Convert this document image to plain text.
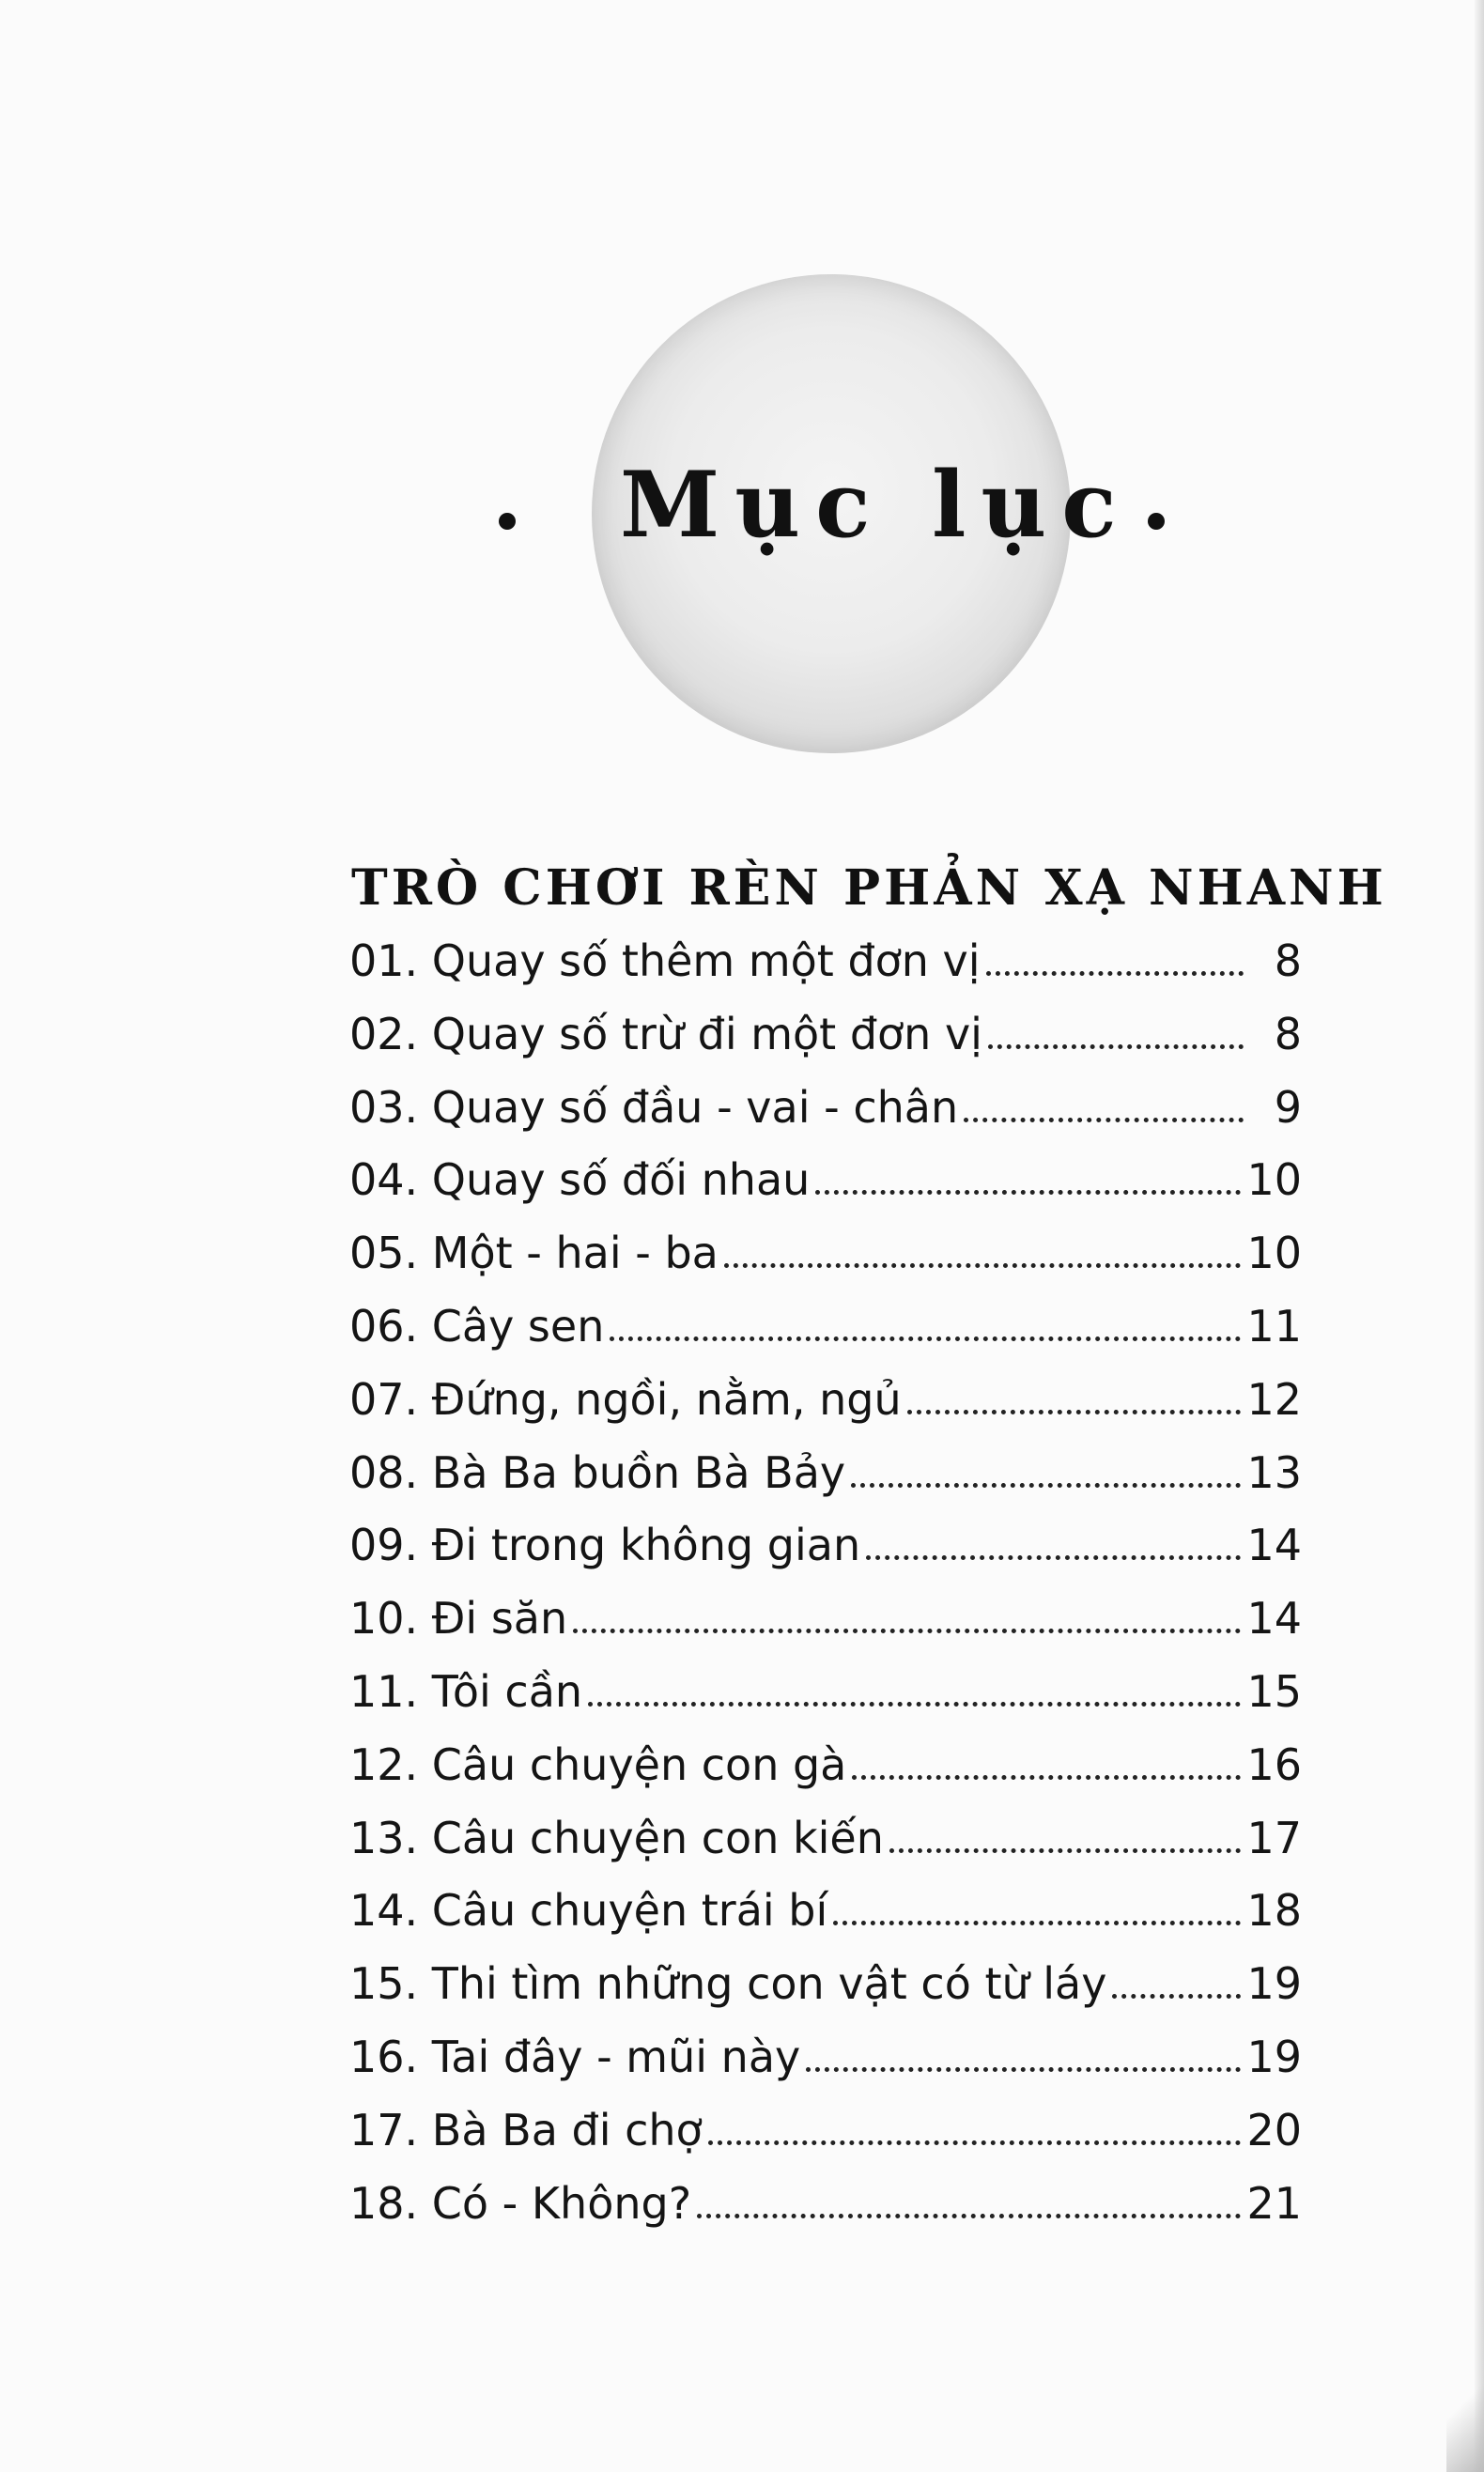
Mục lục
TRÒ CHƠI RÈN PHẢN XẠ NHANH
01. Quay số thêm một đơn vị	8
02. Quay số trừ đi một đơn vị	8
03. Quay số đầu - vai - chân	9
04. Quay số đối nhau	10
05. Một - hai - ba	10
06. Cây sen	11
07. Đứng, ngồi, nằm, ngủ	12
08. Bà Ba buồn Bà Bảy	13
09. Đi trong không gian	14
10. Đi săn	14
11. Tôi cần	15
12. Câu chuyện con gà	16
13. Câu chuyện con kiến	17
14. Câu chuyện trái bí	18
15. Thi tìm những con vật có từ láy	19
16. Tai đây - mũi này	19
17. Bà Ba đi chợ	20
18. Có - Không?	21
